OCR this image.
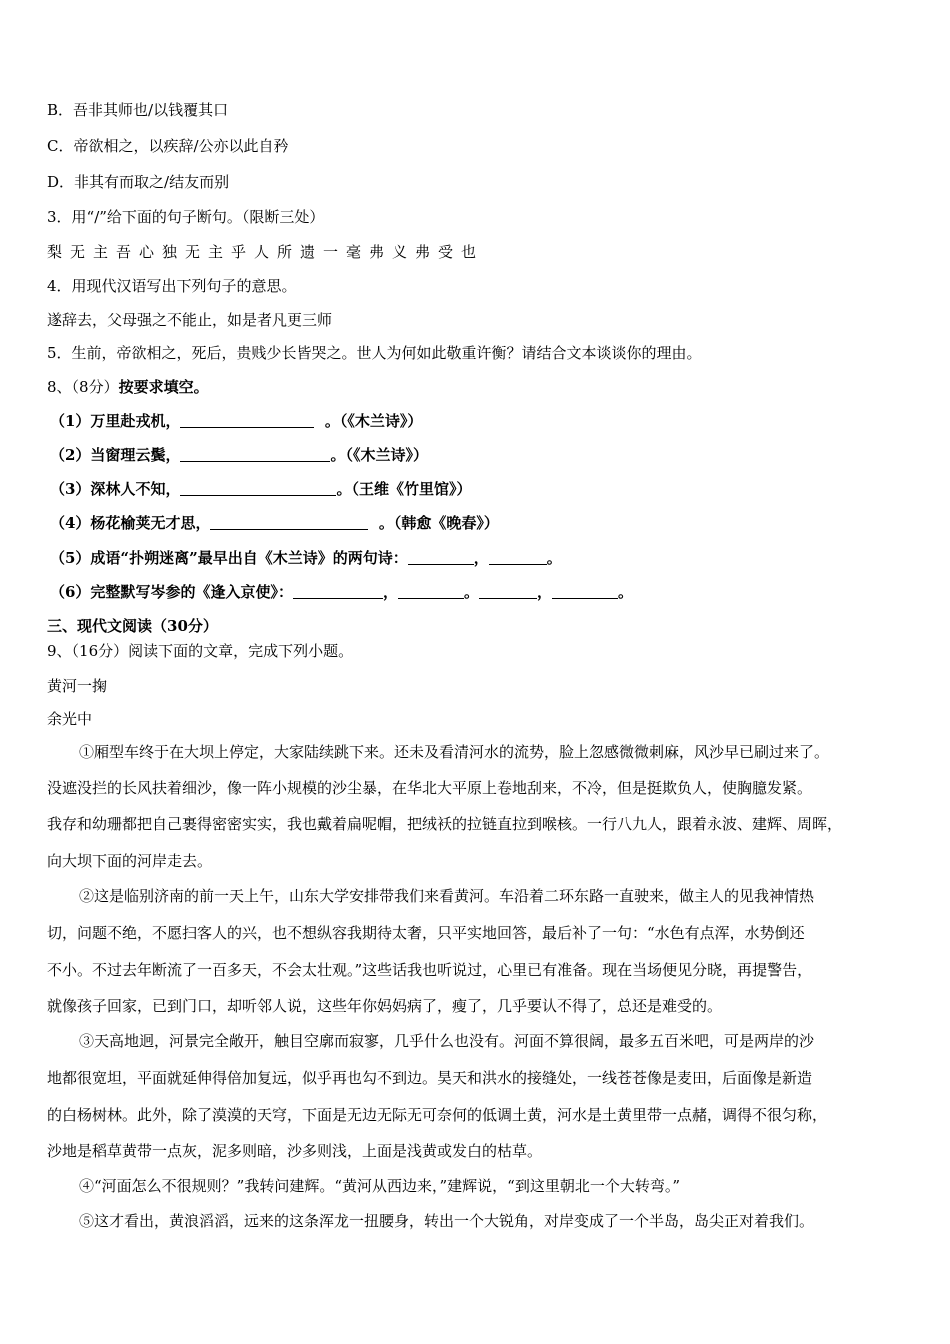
B．吾非其师也/以钱覆其口
C．帝欲相之，以疾辞/公亦以此自矜
D．非其有而取之/结友而别
3．用“/”给下面的句子断句。（限断三处）
梨无主吾心独无主乎人所遗一毫弗义弗受也
4．用现代汉语写出下列句子的意思。
遂辞去，父母强之不能止，如是者凡更三师
5．生前，帝欲相之，死后，贵贱少长皆哭之。世人为何如此敬重许衡？请结合文本谈谈你的理由。
8、（8分）按要求填空。
（1）万里赴戎机，	。（《木兰诗》）
（2）当窗理云鬓，	。（《木兰诗》）
（3）深林人不知，	。（王维《竹里馆》）
（4）杨花榆荚无才思，	。（韩愈《晚春》）
（5）成语“扑朔迷离”最早出自《木兰诗》的两句诗：	，	。
（6）完整默写岑参的《逢入京使》：	，	。	，	。
三、现代文阅读（30分）
9、（16分）阅读下面的文章，完成下列小题。
黄河一掬
余光中
①厢型车终于在大坝上停定，大家陆续跳下来。还未及看清河水的流势，脸上忽感微微刺麻，风沙早已刷过来了。
没遮没拦的长风扶着细沙，像一阵小规模的沙尘暴，在华北大平原上卷地刮来，不冷，但是挺欺负人，使胸臆发紧。
我存和幼珊都把自己裹得密密实实，我也戴着扁呢帽，把绒袄的拉链直拉到喉核。一行八九人，跟着永波、建辉、周晖，
向大坝下面的河岸走去。
②这是临别济南的前一天上午，山东大学安排带我们来看黄河。车沿着二环东路一直驶来，做主人的见我神情热
切，问题不绝，不愿扫客人的兴，也不想纵容我期待太奢，只平实地回答，最后补了一句：“水色有点浑，水势倒还
不小。不过去年断流了一百多天，不会太壮观。”这些话我也听说过，心里已有准备。现在当场便见分晓，再提警告，
就像孩子回家，已到门口，却听邻人说，这些年你妈妈病了，瘦了，几乎要认不得了，总还是难受的。
③天高地迥，河景完全敞开，触目空廓而寂寥，几乎什么也没有。河面不算很阔，最多五百米吧，可是两岸的沙
地都很宽坦，平面就延伸得倍加复远，似乎再也勾不到边。昊天和洪水的接缝处，一线苍苍像是麦田，后面像是新造
的白杨树林。此外，除了漠漠的天穹，下面是无边无际无可奈何的低调土黄，河水是土黄里带一点赭，调得不很匀称，
沙地是稻草黄带一点灰，泥多则暗，沙多则浅，上面是浅黄或发白的枯草。
④“河面怎么不很规则？”我转问建辉。“黄河从西边来，”建辉说，“到这里朝北一个大转弯。”
⑤这才看出，黄浪滔滔，远来的这条浑龙一扭腰身，转出一个大锐角，对岸变成了一个半岛，岛尖正对着我们。
